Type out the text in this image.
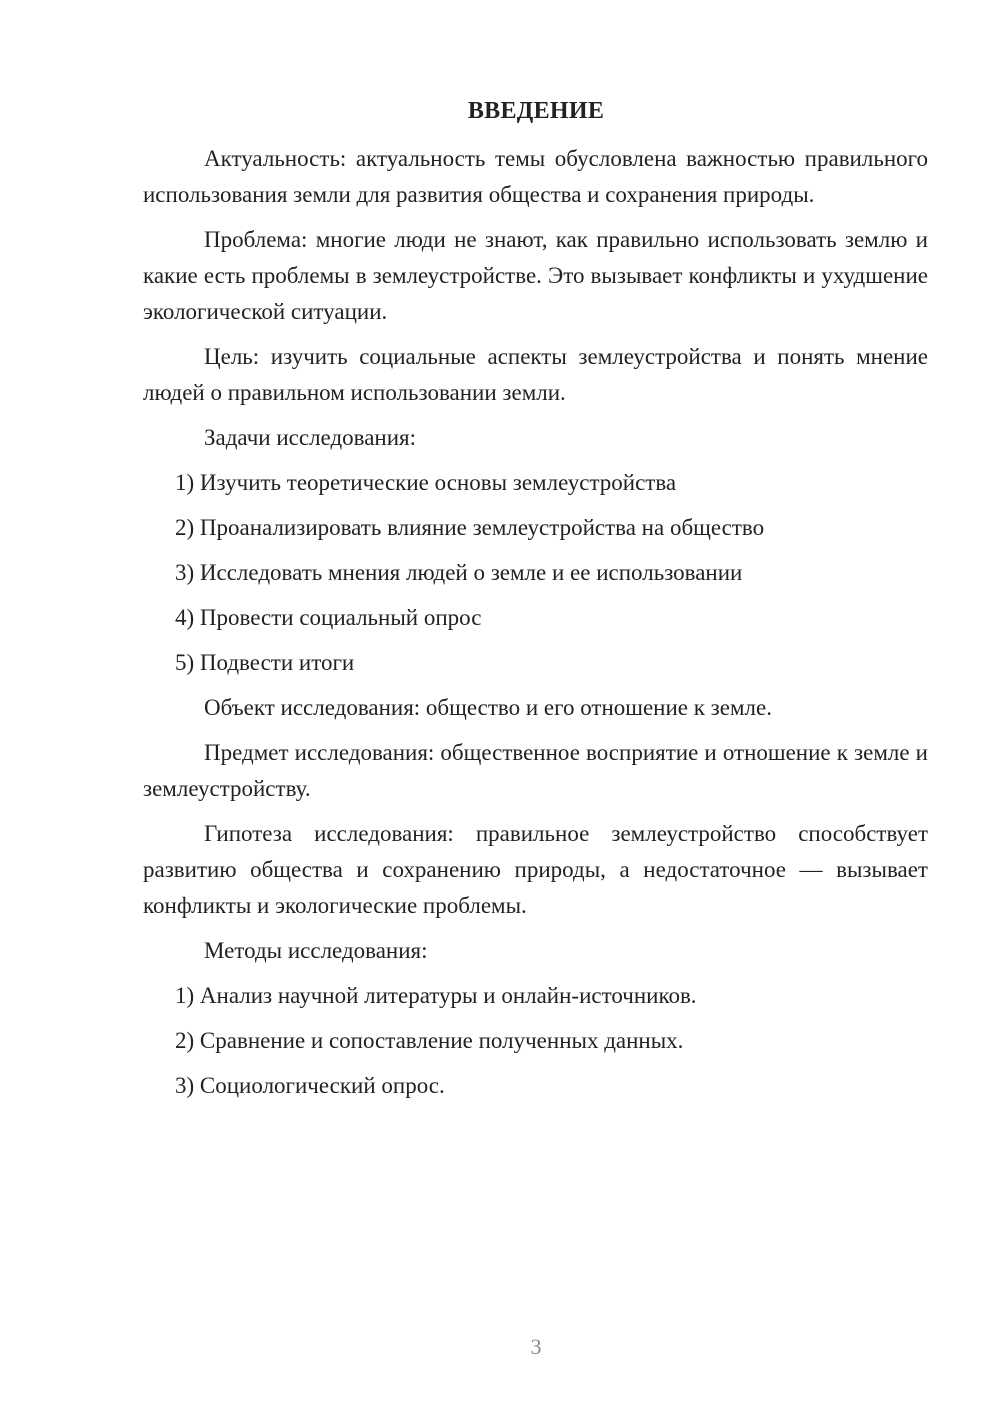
ВВЕДЕНИЕ

Актуальность: актуальность темы обусловлена важностью правильного использования земли для развития общества и сохранения природы.

Проблема: многие люди не знают, как правильно использовать землю и какие есть проблемы в землеустройстве. Это вызывает конфликты и ухудшение экологической ситуации.

Цель: изучить социальные аспекты землеустройства и понять мнение людей о правильном использовании земли.

Задачи исследования:

1) Изучить теоретические основы землеустройства
2) Проанализировать влияние землеустройства на общество
3) Исследовать мнения людей о земле и ее использовании
4) Провести социальный опрос
5) Подвести итоги

Объект исследования: общество и его отношение к земле.

Предмет исследования: общественное восприятие и отношение к земле и землеустройству.

Гипотеза исследования: правильное землеустройство способствует развитию общества и сохранению природы, а недостаточное — вызывает конфликты и экологические проблемы.

Методы исследования:

1) Анализ научной литературы и онлайн-источников.
2) Сравнение и сопоставление полученных данных.
3) Социологический опрос.
3
